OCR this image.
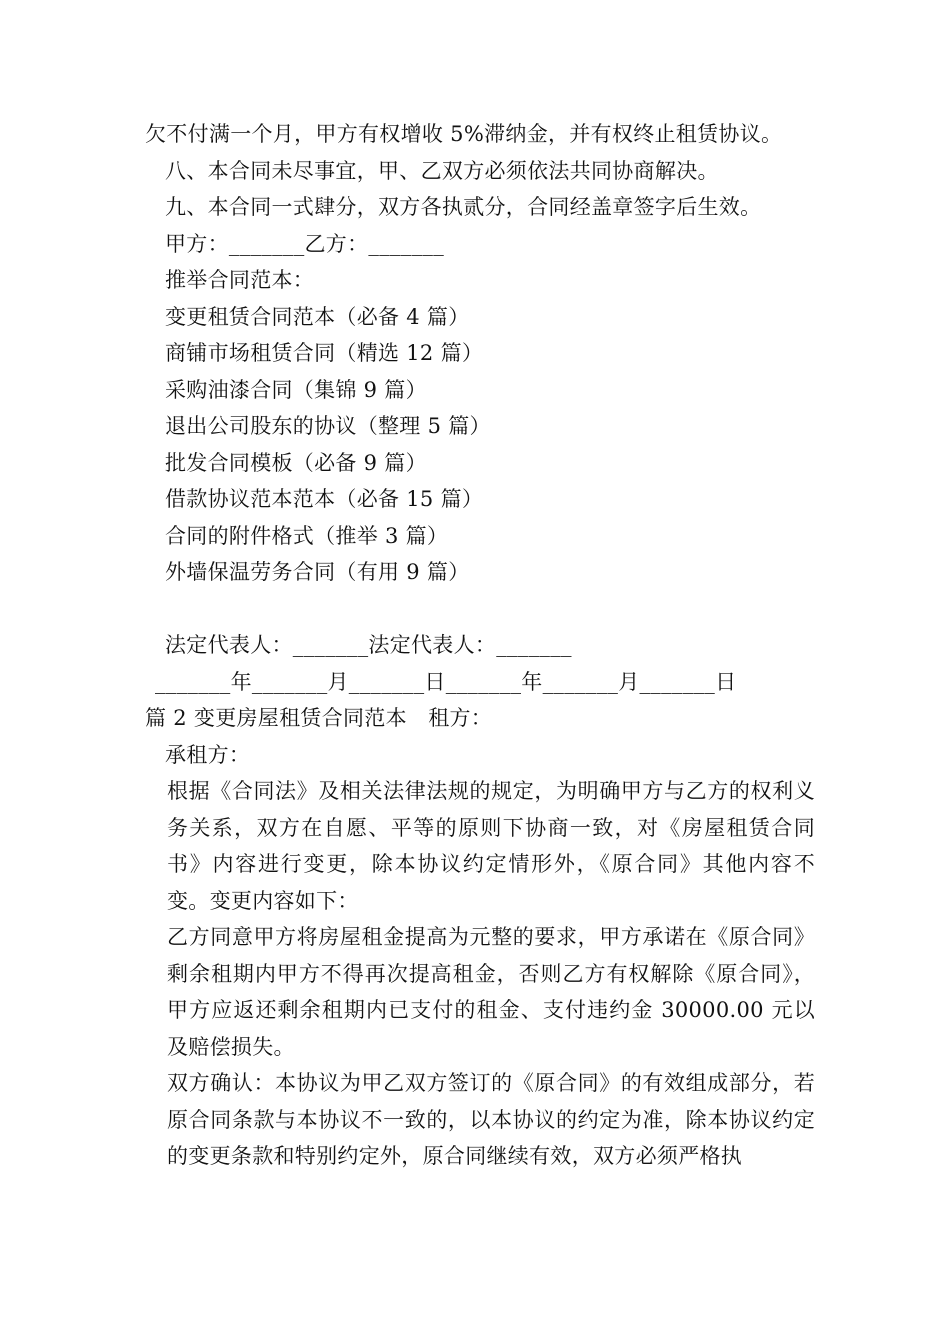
欠不付满一个月，甲方有权增收 5%滞纳金，并有权终止租赁协议。

八、本合同未尽事宜，甲、乙双方必须依法共同协商解决。

九、本合同一式肆分，双方各执贰分，合同经盖章签字后生效。

甲方：_______乙方：_______

推举合同范本：

变更租赁合同范本（必备 4 篇）

商铺市场租赁合同（精选 12 篇）

采购油漆合同（集锦 9 篇）

退出公司股东的协议（整理 5 篇）

批发合同模板（必备 9 篇）

借款协议范本范本（必备 15 篇）

合同的附件格式（推举 3 篇）

外墙保温劳务合同（有用 9 篇）

法定代表人：_______法定代表人：_______

_______年_______月_______日_______年_______月_______日

篇 2 变更房屋租赁合同范本　租方：

承租方：

根据《合同法》及相关法律法规的规定，为明确甲方与乙方的权利义务关系，双方在自愿、平等的原则下协商一致，对《房屋租赁合同书》内容进行变更，除本协议约定情形外，《原合同》其他内容不变。变更内容如下：

乙方同意甲方将房屋租金提高为元整的要求，甲方承诺在《原合同》剩余租期内甲方不得再次提高租金，否则乙方有权解除《原合同》，甲方应返还剩余租期内已支付的租金、支付违约金 30000.00 元以及赔偿损失。

双方确认：本协议为甲乙双方签订的《原合同》的有效组成部分，若原合同条款与本协议不一致的，以本协议的约定为准，除本协议约定的变更条款和特别约定外，原合同继续有效，双方必须严格执
